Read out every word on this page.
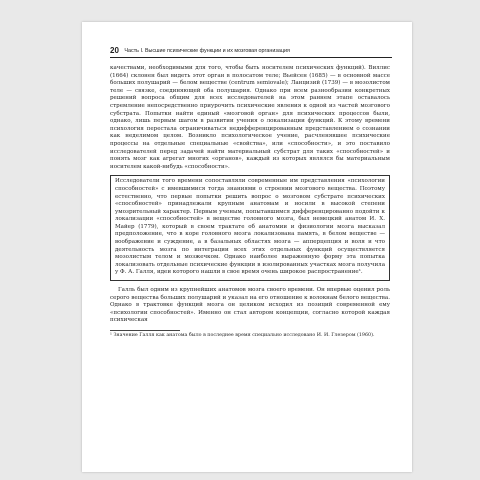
20 Часть I. Высшие психические функции и их мозговая организация

качествами, необходимыми для того, чтобы быть носителем психических функций). Виллис (1664) склонен был видеть этот орган в полосатом теле; Вьейсен (1685) — в основной массе больших полушарий — белом веществе (centrum semiovale); Ланцизий (1739) — в мозолистом теле — связке, соединяющей оба полушария. Однако при всем разнообразии конкретных решений вопроса общим для всех исследователей на этом раннем этапе оставалось стремление непосредственно приурочить психические явления к одной из частей мозгового субстрата. Попытки найти единый «мозговой орган» для психических процессов были, однако, лишь первым шагом в развитии учения о локализации функций. К этому времени психология перестала ограничиваться недифференцированным представлением о сознании как неделимом целом. Возникло психологическое учение, расчленявшее психические процессы на отдельные специальные «свойства», или «способности», и это поставило исследователей перед задачей найти материальный субстрат для таких «способностей» и понять мозг как агрегат многих «органов», каждый из которых являлся бы материальным носителем какой-нибудь «способности».

Исследователи того времени сопоставляли современные им представления «психологии способностей» с имевшимися тогда знаниями о строении мозгового вещества. Поэтому естественно, что первые попытки решить вопрос о мозговом субстрате психических «способностей» принадлежали крупным анатомам и носили в высокой степени умозрительный характер. Первым ученым, попытавшимся дифференцированно подойти к локализации «способностей» в веществе головного мозга, был немецкий анатом И. Х. Майер (1779), который в своем трактате об анатомии и физиологии мозга высказал предположение, что в коре головного мозга локализована память, в белом веществе — воображение и суждение, а в базальных областях мозга — апперцепция и воля и что деятельность мозга по интеграции всех этих отдельных функций осуществляется мозолистым телом и мозжечком. Однако наиболее выраженную форму эта попытка локализовать отдельные психические функции в изолированных участках мозга получила у Ф. А. Галля, идеи которого нашли в свое время очень широкое распространение¹.

Галль был одним из крупнейших анатомов мозга своего времени. Он впервые оценил роль серого вещества больших полушарий и указал на его отношение к волокнам белого вещества. Однако в трактовке функций мозга он целиком исходил из позиций современной ему «психологии способностей». Именно он стал автором концепции, согласно которой каждая психическая

¹ Значение Галля как анатома было в последнее время специально исследовано И. И. Глезером (1960).
